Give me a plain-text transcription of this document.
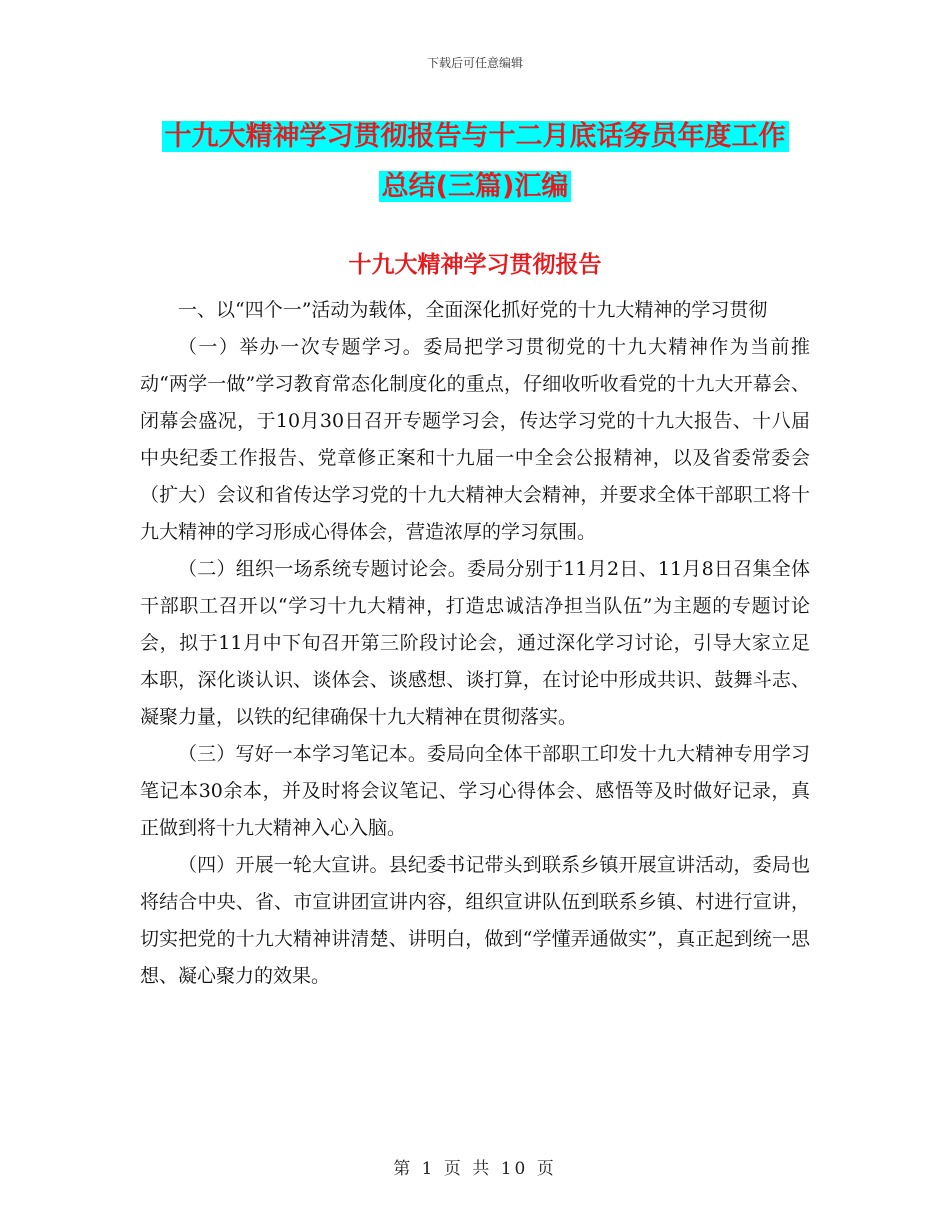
下载后可任意编辑
十九大精神学习贯彻报告与十二月底话务员年度工作
总结(三篇)汇编
十九大精神学习贯彻报告

一、以“四个一”活动为载体，全面深化抓好党的十九大精神的学习贯彻

（一）举办一次专题学习。委局把学习贯彻党的十九大精神作为当前推动“两学一做”学习教育常态化制度化的重点，仔细收听收看党的十九大开幕会、闭幕会盛况，于10月30日召开专题学习会，传达学习党的十九大报告、十八届中央纪委工作报告、党章修正案和十九届一中全会公报精神，以及省委常委会（扩大）会议和省传达学习党的十九大精神大会精神，并要求全体干部职工将十九大精神的学习形成心得体会，营造浓厚的学习氛围。

（二）组织一场系统专题讨论会。委局分别于11月2日、11月8日召集全体干部职工召开以“学习十九大精神，打造忠诚洁净担当队伍”为主题的专题讨论会，拟于11月中下旬召开第三阶段讨论会，通过深化学习讨论，引导大家立足本职，深化谈认识、谈体会、谈感想、谈打算，在讨论中形成共识、鼓舞斗志、凝聚力量，以铁的纪律确保十九大精神在贯彻落实。

（三）写好一本学习笔记本。委局向全体干部职工印发十九大精神专用学习笔记本30余本，并及时将会议笔记、学习心得体会、感悟等及时做好记录，真正做到将十九大精神入心入脑。

（四）开展一轮大宣讲。县纪委书记带头到联系乡镇开展宣讲活动，委局也将结合中央、省、市宣讲团宣讲内容，组织宣讲队伍到联系乡镇、村进行宣讲，切实把党的十九大精神讲清楚、讲明白，做到“学懂弄通做实”，真正起到统一思想、凝心聚力的效果。

第 1 页 共 10 页
